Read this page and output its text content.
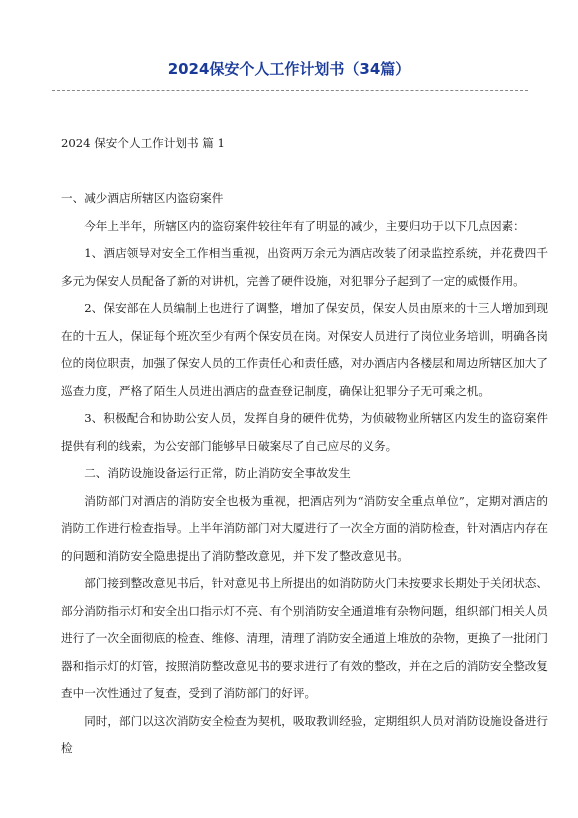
2024保安个人工作计划书（34篇）

2024 保安个人工作计划书 篇 1

一、减少酒店所辖区内盗窃案件

今年上半年，所辖区内的盗窃案件较往年有了明显的减少，主要归功于以下几点因素：

1、酒店领导对安全工作相当重视，出资两万余元为酒店改装了闭录监控系统，并花费四千多元为保安人员配备了新的对讲机，完善了硬件设施，对犯罪分子起到了一定的威慑作用。

2、保安部在人员编制上也进行了调整，增加了保安员，保安人员由原来的十三人增加到现在的十五人，保证每个班次至少有两个保安员在岗。对保安人员进行了岗位业务培训，明确各岗位的岗位职责，加强了保安人员的工作责任心和责任感，对办酒店内各楼层和周边所辖区加大了巡查力度，严格了陌生人员进出酒店的盘查登记制度，确保让犯罪分子无可乘之机。

3、积极配合和协助公安人员，发挥自身的硬件优势，为侦破物业所辖区内发生的盗窃案件提供有利的线索，为公安部门能够早日破案尽了自己应尽的义务。

二、消防设施设备运行正常，防止消防安全事故发生

消防部门对酒店的消防安全也极为重视，把酒店列为“消防安全重点单位”，定期对酒店的消防工作进行检查指导。上半年消防部门对大厦进行了一次全方面的消防检查，针对酒店内存在的问题和消防安全隐患提出了消防整改意见，并下发了整改意见书。

部门接到整改意见书后，针对意见书上所提出的如消防防火门未按要求长期处于关闭状态、部分消防指示灯和安全出口指示灯不亮、有个别消防安全通道堆有杂物问题，组织部门相关人员进行了一次全面彻底的检查、维修、清理，清理了消防安全通道上堆放的杂物，更换了一批闭门器和指示灯的灯管，按照消防整改意见书的要求进行了有效的整改，并在之后的消防安全整改复查中一次性通过了复查，受到了消防部门的好评。

同时，部门以这次消防安全检查为契机，吸取教训经验，定期组织人员对消防设施设备进行检
